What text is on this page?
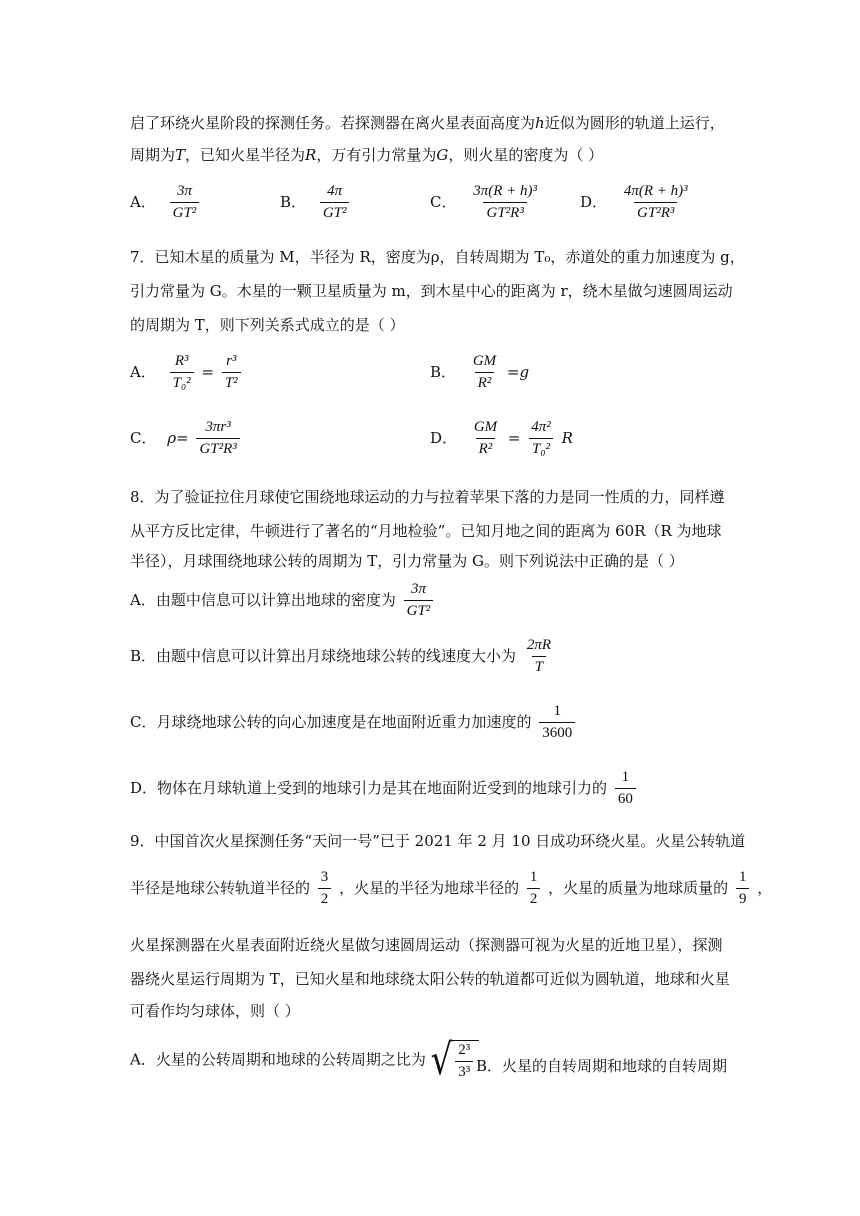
启了环绕火星阶段的探测任务。若探测器在离火星表面高度为h近似为圆形的轨道上运行，
周期为T，已知火星半径为R，万有引力常量为G，则火星的密度为（ ）
A． $\frac{3\pi}{\text{GT²}}$	B． $\frac{4\pi}{\text{GT²}}$	C． $\frac{\text{3π(R + h)³}}{\text{GT²R³}}$	D． $\frac{\text{4π(R + h)³}}{\text{GT²R³}}$
7．已知木星的质量为 M，半径为 R，密度为ρ，自转周期为 T₀，赤道处的重力加速度为 g，
引力常量为 G。木星的一颗卫星质量为 m，到木星中心的距离为 r，绕木星做匀速圆周运动
的周期为 T，则下列关系式成立的是（ ）
A． $\frac{\text{R³}}{\text{T₀²}} = \frac{\text{r³}}{\text{T²}}$	B． $\frac{GM}{\text{R²}} =g$
C． $\rho= \frac{\text{3πr³}}{\text{GT²R³}}$	D． $\frac{GM}{\text{R²}} = \frac{\text{4π²}}{\text{T₀²}}$ R
8．为了验证拉住月球使它围绕地球运动的力与拉着苹果下落的力是同一性质的力，同样遵
从平方反比定律，牛顿进行了著名的“月地检验”。已知月地之间的距离为 60R（R 为地球
半径），月球围绕地球公转的周期为 T，引力常量为 G。则下列说法中正确的是（ ）
A．由题中信息可以计算出地球的密度为 $\frac{3\pi}{\text{GT²}}$
B．由题中信息可以计算出月球绕地球公转的线速度大小为 $\frac{2\pi R}{T}$
C．月球绕地球公转的向心加速度是在地面附近重力加速度的 $\frac{1}{3600}$
D．物体在月球轨道上受到的地球引力是其在地面附近受到的地球引力的 $\frac{1}{60}$
9．中国首次火星探测任务“天问一号”已于 2021 年 2 月 10 日成功环绕火星。火星公转轨道
半径是地球公转轨道半径的 $\frac{3}{2}$ ，火星的半径为地球半径的 $\frac{1}{2}$ ，火星的质量为地球质量的 $\frac{1}{9}$ ，
火星探测器在火星表面附近绕火星做匀速圆周运动（探测器可视为火星的近地卫星），探测
器绕火星运行周期为 T，已知火星和地球绕太阳公转的轨道都可近似为圆轨道，地球和火星
可看作均匀球体，则（ ）
A．火星的公转周期和地球的公转周期之比为 √ $\frac{\text{2³}}{\text{3³}}$ B．火星的自转周期和地球的自转周期
